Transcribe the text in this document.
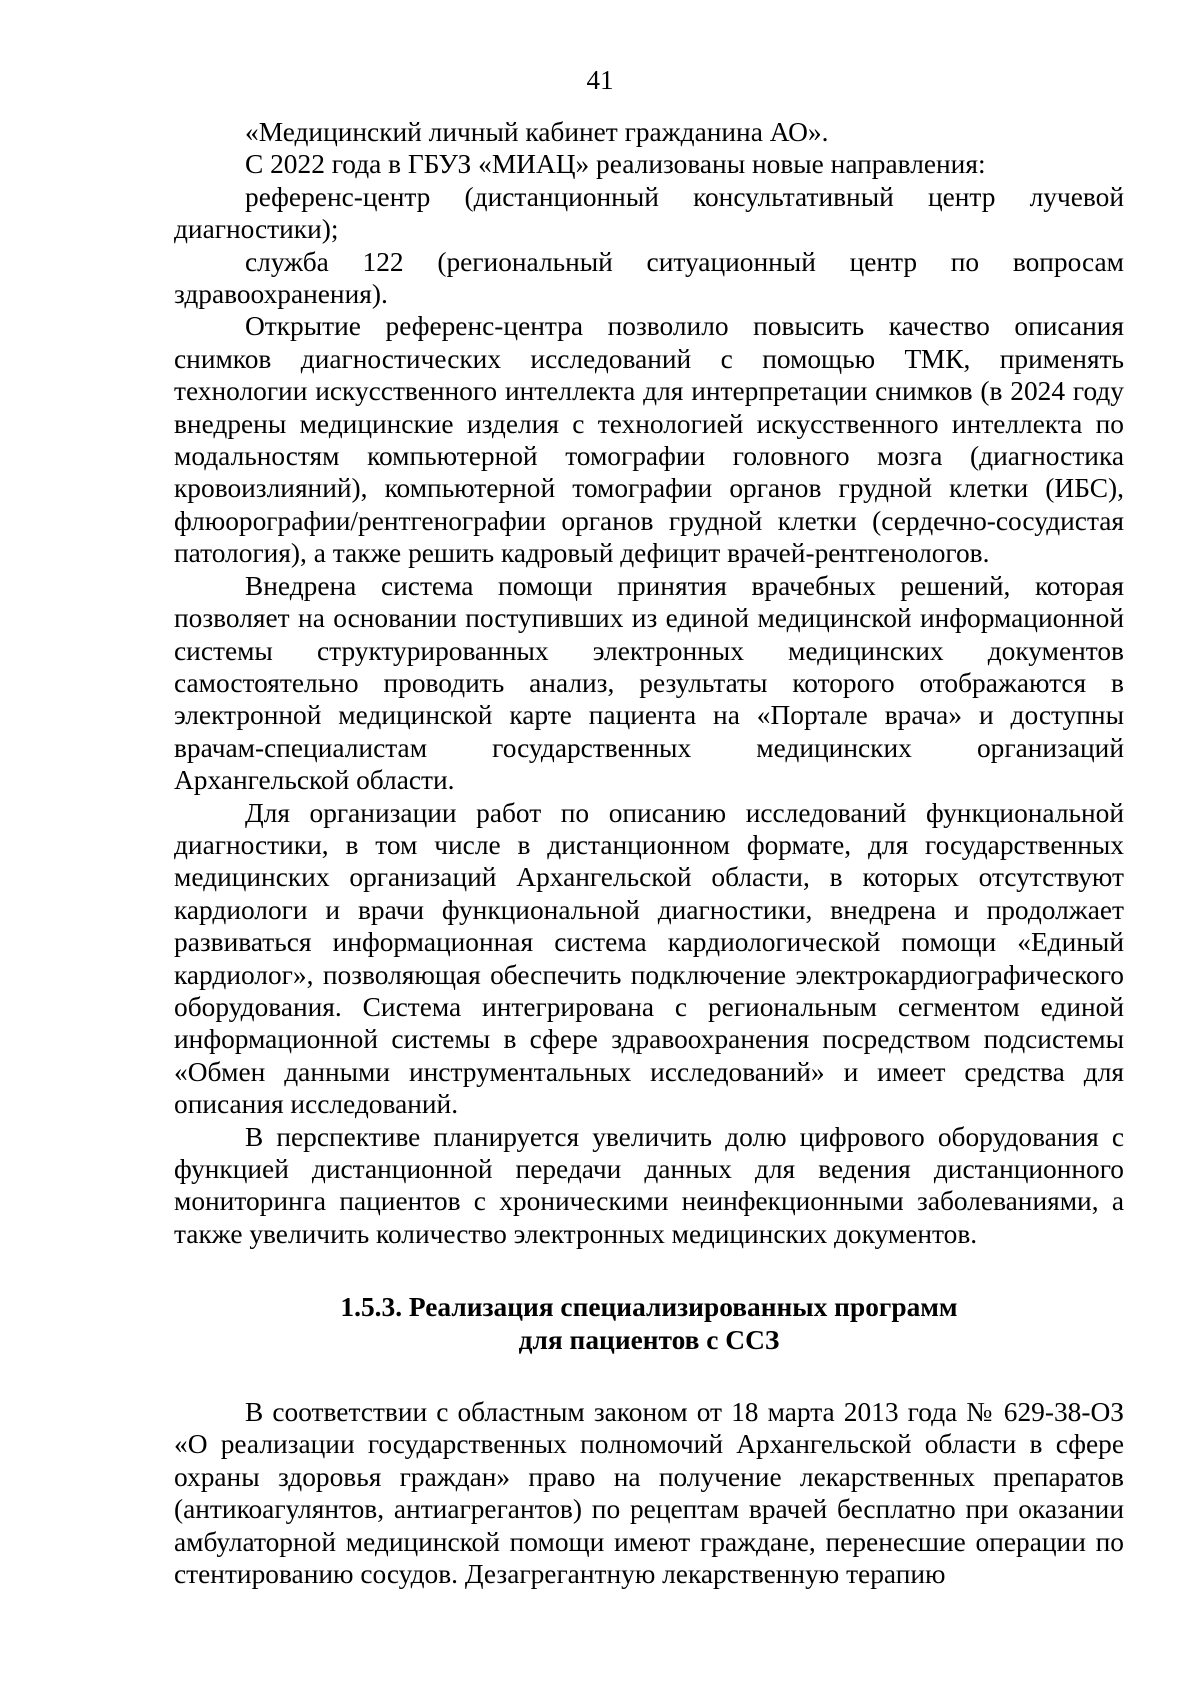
41

«Медицинский личный кабинет гражданина АО».

С 2022 года в ГБУЗ «МИАЦ» реализованы новые направления:

референс-центр (дистанционный консультативный центр лучевой диагностики);

служба 122 (региональный ситуационный центр по вопросам здравоохранения).

Открытие референс-центра позволило повысить качество описания снимков диагностических исследований с помощью ТМК, применять технологии искусственного интеллекта для интерпретации снимков (в 2024 году внедрены медицинские изделия с технологией искусственного интеллекта по модальностям компьютерной томографии головного мозга (диагностика кровоизлияний), компьютерной томографии органов грудной клетки (ИБС), флюорографии/рентгенографии органов грудной клетки (сердечно-сосудистая патология), а также решить кадровый дефицит врачей-рентгенологов.

Внедрена система помощи принятия врачебных решений, которая позволяет на основании поступивших из единой медицинской информационной системы структурированных электронных медицинских документов самостоятельно проводить анализ, результаты которого отображаются в электронной медицинской карте пациента на «Портале врача» и доступны врачам-специалистам государственных медицинских организаций Архангельской области.

Для организации работ по описанию исследований функциональной диагностики, в том числе в дистанционном формате, для государственных медицинских организаций Архангельской области, в которых отсутствуют кардиологи и врачи функциональной диагностики, внедрена и продолжает развиваться информационная система кардиологической помощи «Единый кардиолог», позволяющая обеспечить подключение электрокардиографического оборудования. Система интегрирована с региональным сегментом единой информационной системы в сфере здравоохранения посредством подсистемы «Обмен данными инструментальных исследований» и имеет средства для описания исследований.

В перспективе планируется увеличить долю цифрового оборудования с функцией дистанционной передачи данных для ведения дистанционного мониторинга пациентов с хроническими неинфекционными заболеваниями, а также увеличить количество электронных медицинских документов.

1.5.3. Реализация специализированных программ
для пациентов с ССЗ

В соответствии с областным законом от 18 марта 2013 года № 629-38-ОЗ «О реализации государственных полномочий Архангельской области в сфере охраны здоровья граждан» право на получение лекарственных препаратов (антикоагулянтов, антиагрегантов) по рецептам врачей бесплатно при оказании амбулаторной медицинской помощи имеют граждане, перенесшие операции по стентированию сосудов. Дезагрегантную лекарственную терапию
